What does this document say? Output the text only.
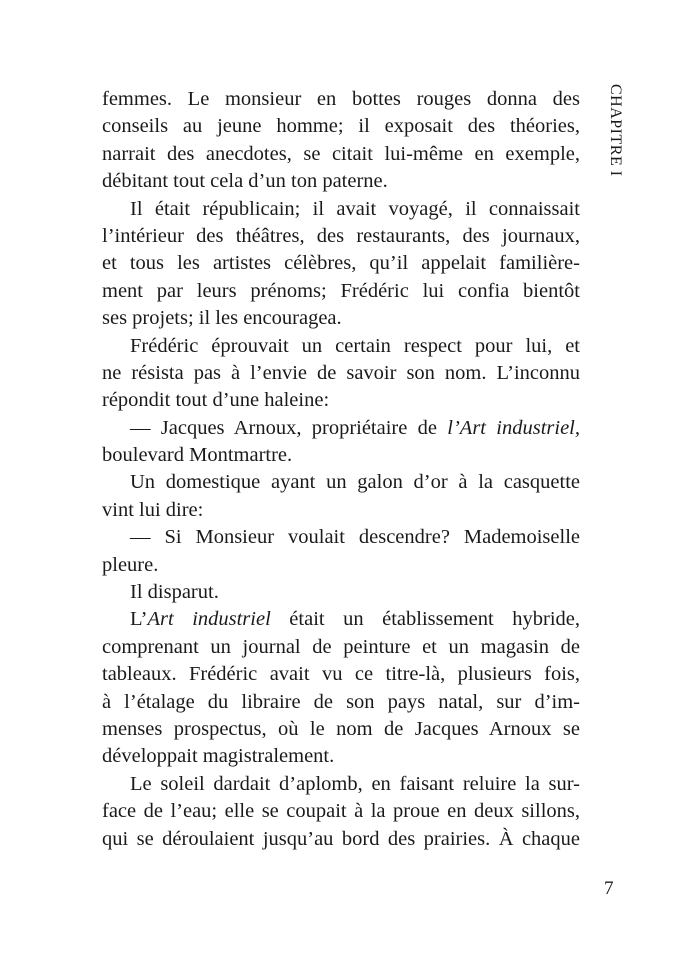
CHAPITRE I
femmes. Le monsieur en bottes rouges donna des
conseils au jeune homme; il exposait des théories,
narrait des anecdotes, se citait lui-même en exemple,
débitant tout cela d’un ton paterne.
Il était républicain; il avait voyagé, il connaissait
l’intérieur des théâtres, des restaurants, des journaux,
et tous les artistes célèbres, qu’il appelait familière-
ment par leurs prénoms; Frédéric lui confia bientôt
ses projets; il les encouragea.
Frédéric éprouvait un certain respect pour lui, et
ne résista pas à l’envie de savoir son nom. L’inconnu
répondit tout d’une haleine:
— Jacques Arnoux, propriétaire de l’Art industriel,
boulevard Montmartre.
Un domestique ayant un galon d’or à la casquette
vint lui dire:
— Si Monsieur voulait descendre? Mademoiselle
pleure.
Il disparut.
L’Art industriel était un établissement hybride,
comprenant un journal de peinture et un magasin de
tableaux. Frédéric avait vu ce titre-là, plusieurs fois,
à l’étalage du libraire de son pays natal, sur d’im-
menses prospectus, où le nom de Jacques Arnoux se
développait magistralement.
Le soleil dardait d’aplomb, en faisant reluire la sur-
face de l’eau; elle se coupait à la proue en deux sillons,
qui se déroulaient jusqu’au bord des prairies. À chaque
7
